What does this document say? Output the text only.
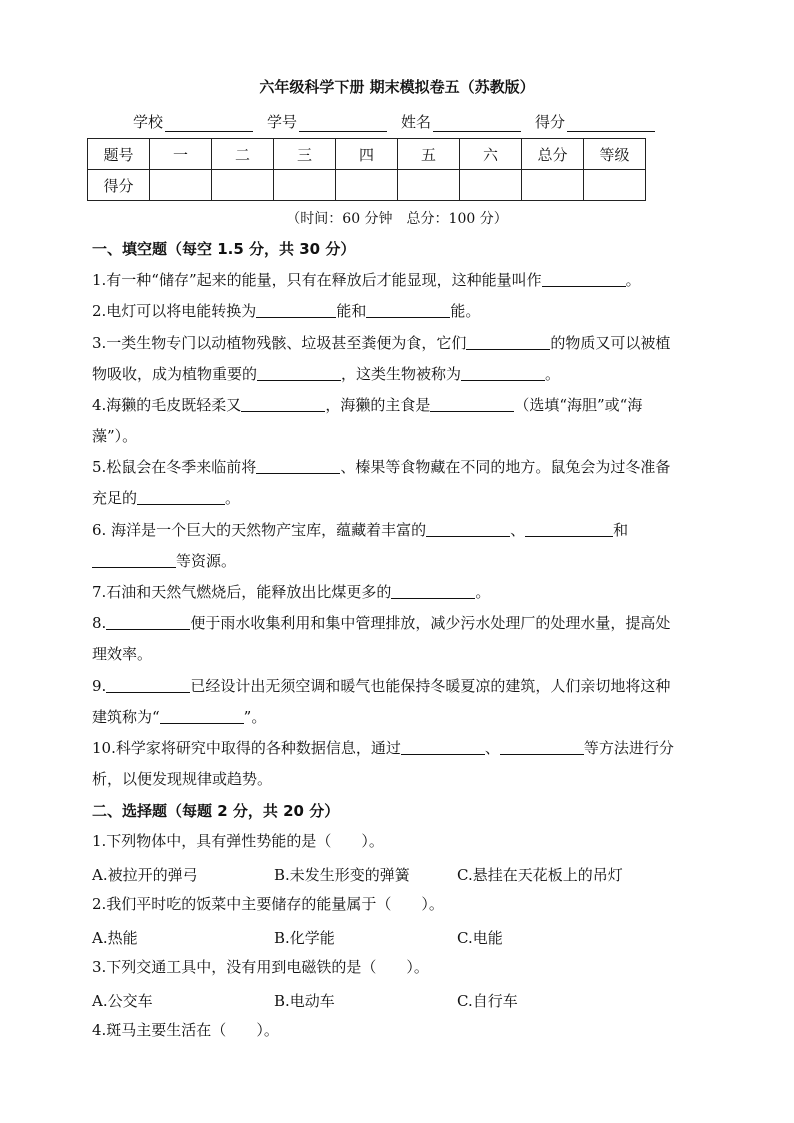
六年级科学下册 期末模拟卷五（苏教版）
学校	学号	姓名	得分
题号	一	二	三	四	五	六	总分	等级
得分								
（时间：60 分钟　总分：100 分）
一、填空题（每空 1.5 分，共 30 分）
1.有一种“储存”起来的能量，只有在释放后才能显现，这种能量叫作	。
2.电灯可以将电能转换为	能和	能。
3.一类生物专门以动植物残骸、垃圾甚至粪便为食，它们	的物质又可以被植
物吸收，成为植物重要的	，这类生物被称为	。
4.海獭的毛皮既轻柔又	，海獭的主食是	（选填“海胆”或“海
藻”）。
5.松鼠会在冬季来临前将	、榛果等食物藏在不同的地方。鼠兔会为过冬准备
充足的	。
6. 海洋是一个巨大的天然物产宝库，蕴藏着丰富的	、	和
等资源。
7.石油和天然气燃烧后，能释放出比煤更多的	。
8.	便于雨水收集利用和集中管理排放，减少污水处理厂的处理水量，提高处
理效率。
9.	已经设计出无须空调和暖气也能保持冬暖夏凉的建筑，人们亲切地将这种
建筑称为“	”。
10.科学家将研究中取得的各种数据信息，通过	、	等方法进行分
析，以便发现规律或趋势。
二、选择题（每题 2 分，共 20 分）
1.下列物体中，具有弹性势能的是（　　）。
A.被拉开的弹弓	B.未发生形变的弹簧	C.悬挂在天花板上的吊灯
2.我们平时吃的饭菜中主要储存的能量属于（　　）。
A.热能	B.化学能	C.电能
3.下列交通工具中，没有用到电磁铁的是（　　）。
A.公交车	B.电动车	C.自行车
4.斑马主要生活在（　　）。
